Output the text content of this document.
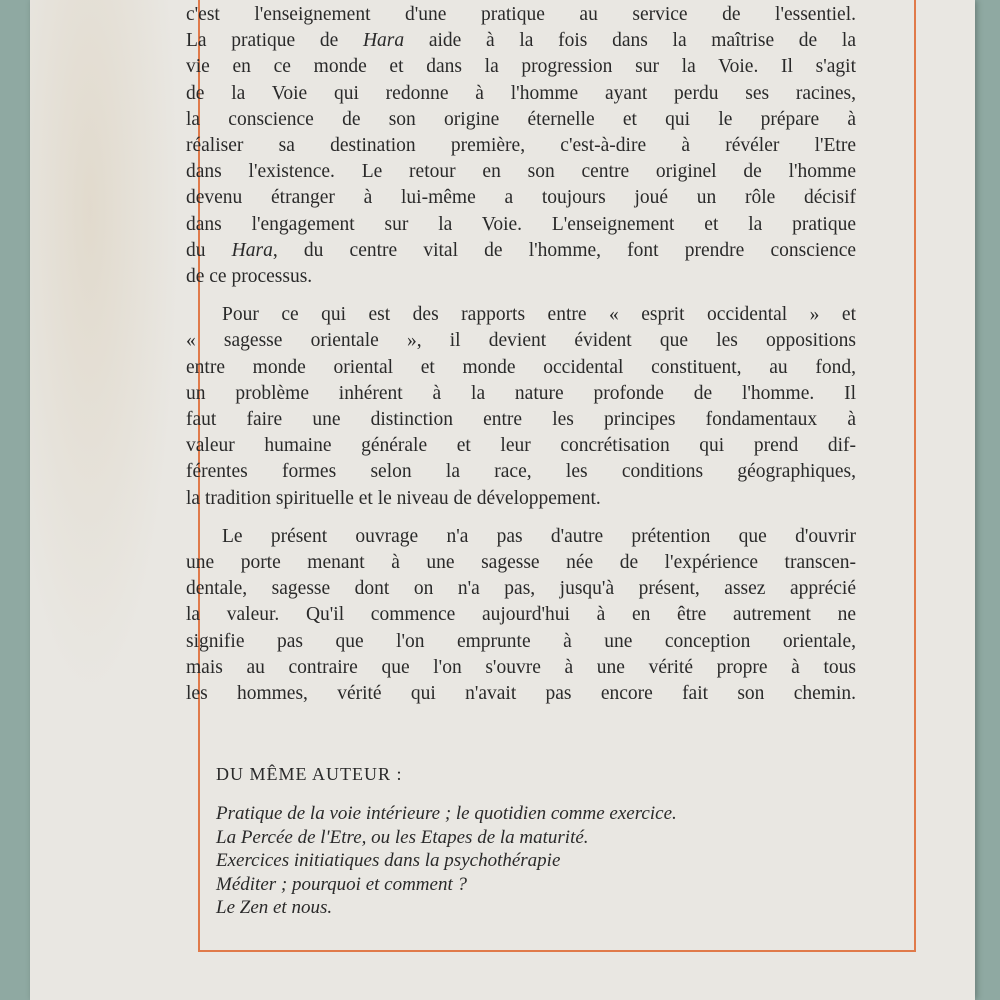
c'est l'enseignement d'une pratique au service de l'essentiel.
La pratique de Hara aide à la fois dans la maîtrise de la
vie en ce monde et dans la progression sur la Voie. Il s'agit
de la Voie qui redonne à l'homme ayant perdu ses racines,
la conscience de son origine éternelle et qui le prépare à
réaliser sa destination première, c'est-à-dire à révéler l'Etre
dans l'existence. Le retour en son centre originel de l'homme
devenu étranger à lui-même a toujours joué un rôle décisif
dans l'engagement sur la Voie. L'enseignement et la pratique
du Hara, du centre vital de l'homme, font prendre conscience
de ce processus.
Pour ce qui est des rapports entre « esprit occidental » et
« sagesse orientale », il devient évident que les oppositions
entre monde oriental et monde occidental constituent, au fond,
un problème inhérent à la nature profonde de l'homme. Il
faut faire une distinction entre les principes fondamentaux à
valeur humaine générale et leur concrétisation qui prend dif-
férentes formes selon la race, les conditions géographiques,
la tradition spirituelle et le niveau de développement.
Le présent ouvrage n'a pas d'autre prétention que d'ouvrir
une porte menant à une sagesse née de l'expérience transcen-
dentale, sagesse dont on n'a pas, jusqu'à présent, assez apprécié
la valeur. Qu'il commence aujourd'hui à en être autrement ne
signifie pas que l'on emprunte à une conception orientale,
mais au contraire que l'on s'ouvre à une vérité propre à tous
les hommes, vérité qui n'avait pas encore fait son chemin.
DU MÊME AUTEUR :
Pratique de la voie intérieure ; le quotidien comme exercice.
La Percée de l'Etre, ou les Etapes de la maturité.
Exercices initiatiques dans la psychothérapie
Méditer ; pourquoi et comment ?
Le Zen et nous.
